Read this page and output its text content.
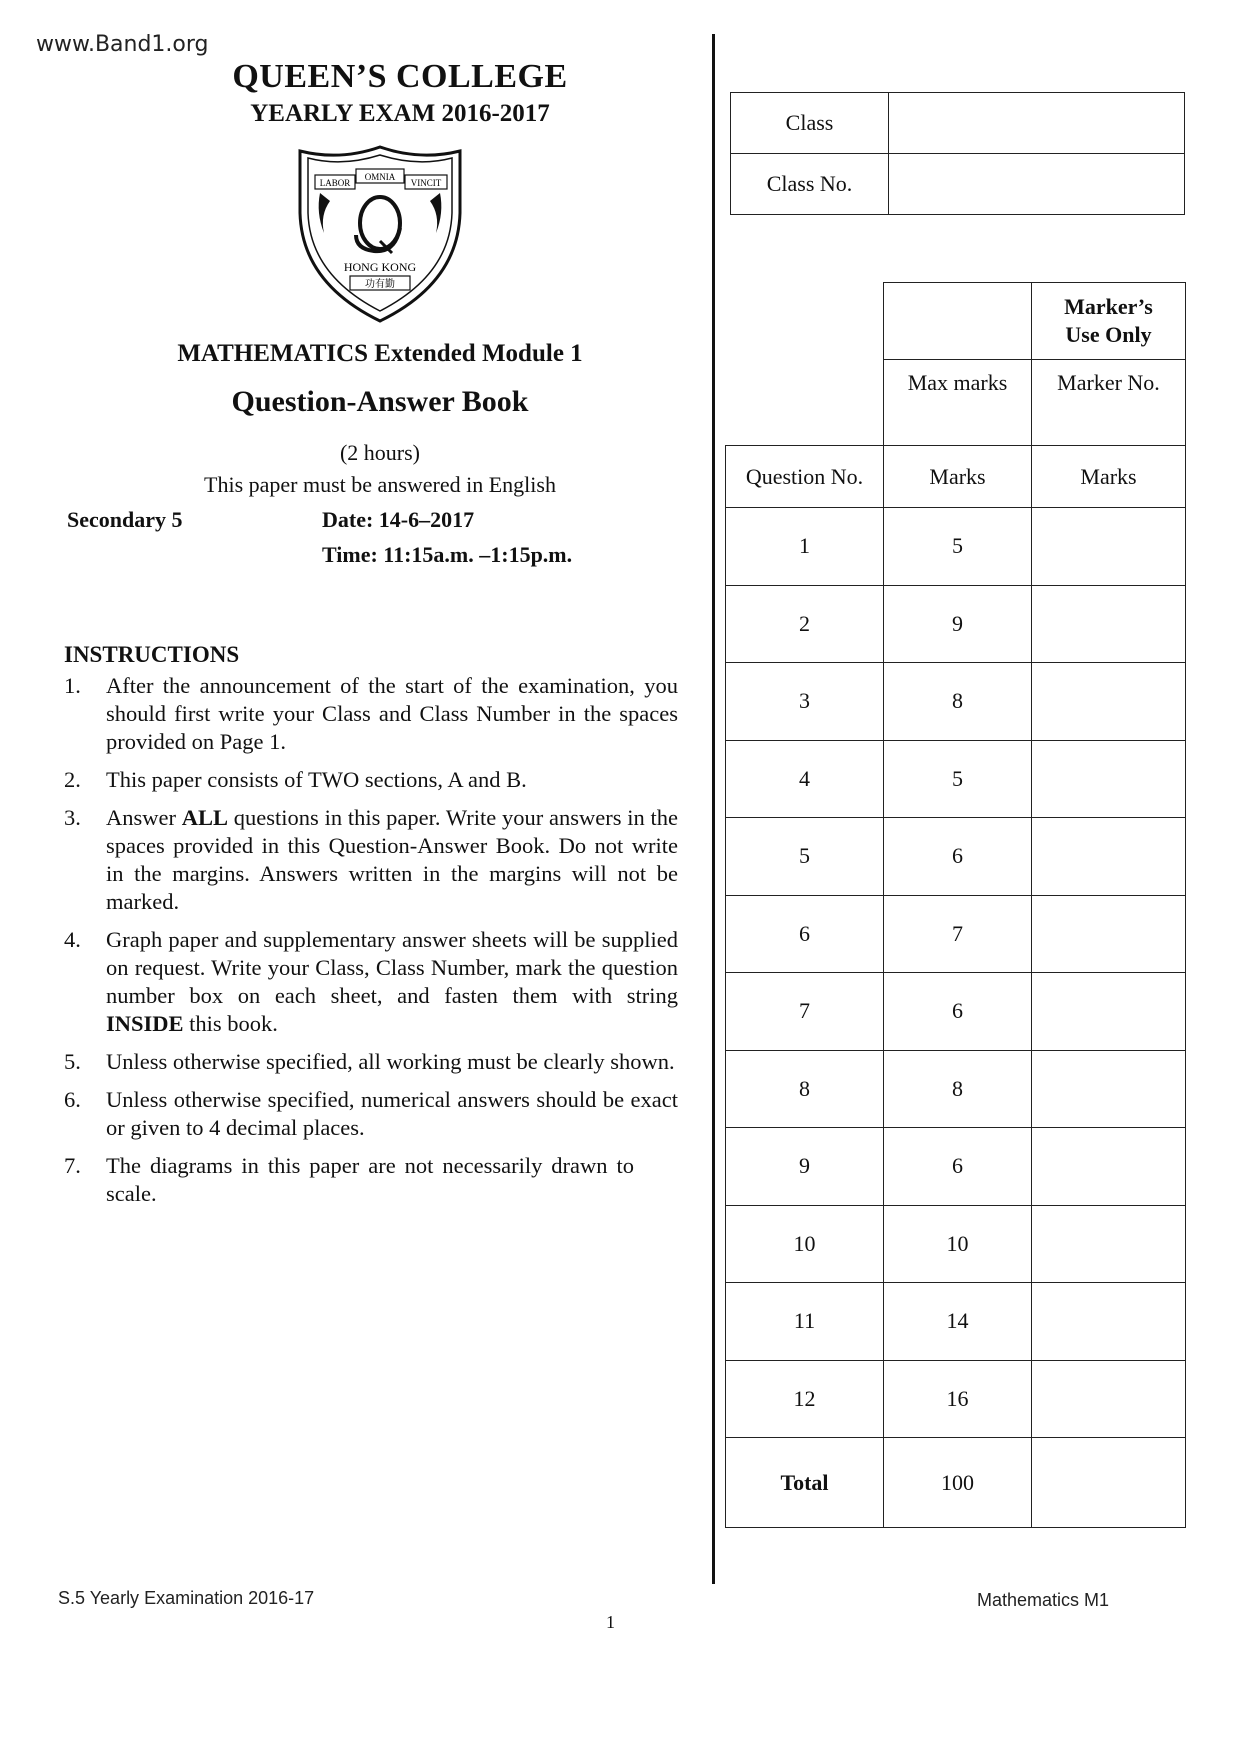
www.Band1.org
QUEEN’S COLLEGE
YEARLY EXAM 2016-2017
LABOR
OMNIA
VINCIT
HONG KONG
功有勤
MATHEMATICS Extended Module 1
Question-Answer Book
(2 hours)
This paper must be answered in English
Secondary 5	Date: 14-6–2017
Time: 11:15a.m. –1:15p.m.
INSTRUCTIONS
1.	After the announcement of the start of the examination, you should first write your Class and Class Number in the spaces provided on Page 1.
2.	This paper consists of TWO sections, A and B.
3.	Answer ALL questions in this paper. Write your answers in the spaces provided in this Question-Answer Book. Do not write in the margins. Answers written in the margins will not be marked.
4.	Graph paper and supplementary answer sheets will be supplied on request. Write your Class, Class Number, mark the question number box on each sheet, and fasten them with string INSIDE this book.
5.	Unless otherwise specified, all working must be clearly shown.
6.	Unless otherwise specified, numerical answers should be exact or given to 4 decimal places.
7.	The diagrams in this paper are not necessarily drawn to scale.
Class	
Class No.	
		Marker’s
Use Only
	Max marks	Marker No.
Question No.	Marks	Marks
1	5	
2	9	
3	8	
4	5	
5	6	
6	7	
7	6	
8	8	
9	6	
10	10	
11	14	
12	16	
Total	100	
S.5 Yearly Examination 2016-17	Mathematics M1
1
